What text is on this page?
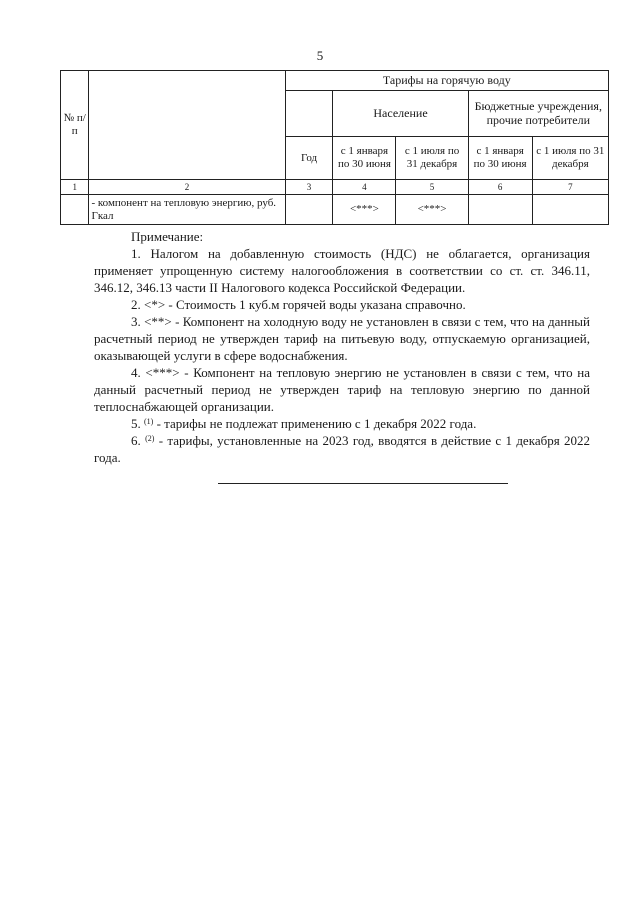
5
№ п/п		Тарифы на горячую воду				
			Население		Бюджетные учреждения, прочие потребители	
		Год	с 1 января по 30 июня	с 1 июля по 31 декабря	с 1 января по 30 июня	с 1 июля по 31 декабря
1	2	3	4	5	6	7
	- компонент на тепловую энергию, руб. Гкал		<***>	<***>		

Примечание:

1. Налогом на добавленную стоимость (НДС) не облагается, организация применяет упрощенную систему налогообложения в соответствии со ст. ст. 346.11, 346.12, 346.13 части II Налогового кодекса Российской Федерации.

2. <*> - Стоимость 1 куб.м горячей воды указана справочно.

3. <**> - Компонент на холодную воду не установлен в связи с тем, что на данный расчетный период не утвержден тариф на питьевую воду, отпускаемую организацией, оказывающей услуги в сфере водоснабжения.

4. <***> - Компонент на тепловую энергию не установлен в связи с тем, что на данный расчетный период не утвержден тариф на тепловую энергию по данной теплоснабжающей организации.

5. $^{(1)}$ - тарифы не подлежат применению с 1 декабря 2022 года.

6. $^{(2)}$ - тарифы, установленные на 2023 год, вводятся в действие с 1 декабря 2022 года.
